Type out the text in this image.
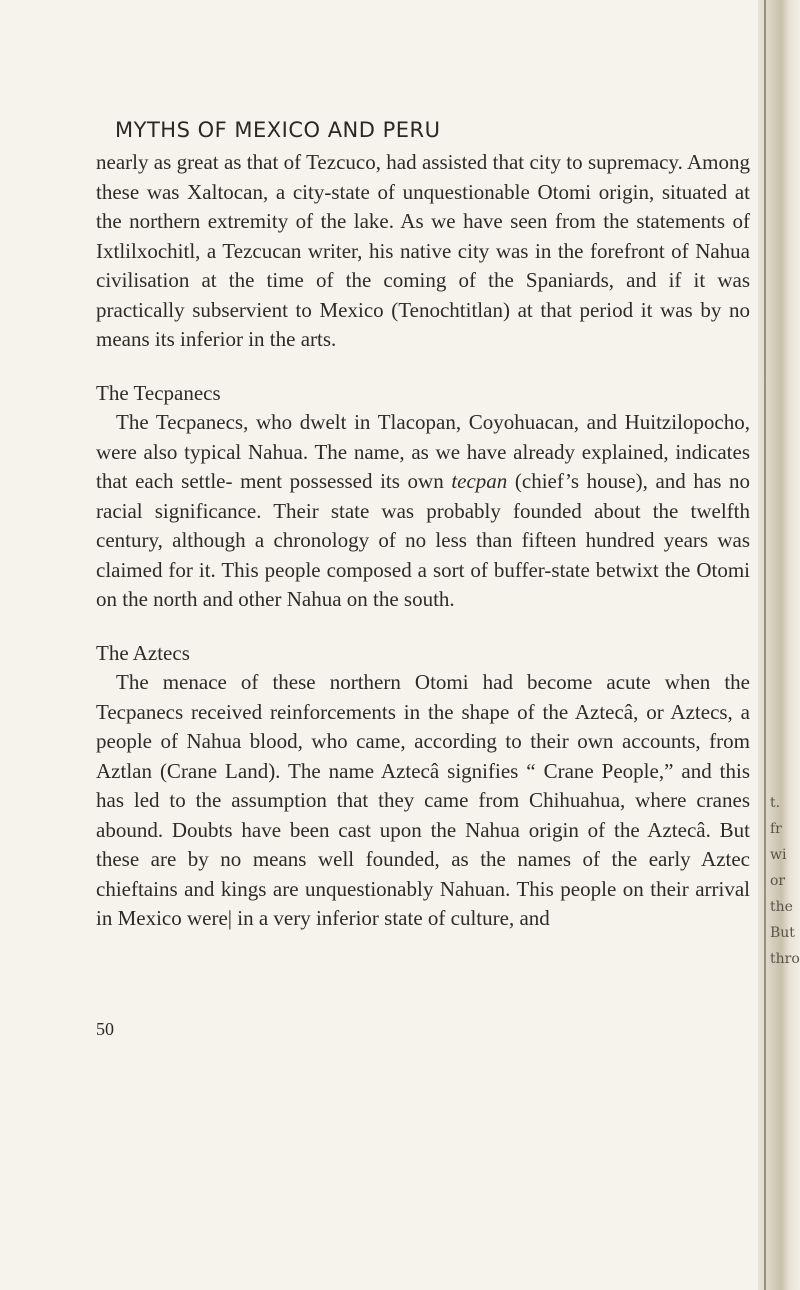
t.
fr
wi
or
the
But
thro
MYTHS OF MEXICO AND PERU

nearly as great as that of Tezcuco, had assisted that city to supremacy. Among these was Xaltocan, a city-state of unquestionable Otomi origin, situated at the northern extremity of the lake. As we have seen from the statements of Ixtlilxochitl, a Tezcucan writer, his native city was in the forefront of Nahua civilisation at the time of the coming of the Spaniards, and if it was practically subservient to Mexico (Tenochtitlan) at that period it was by no means its inferior in the arts.

The Tecpanecs

The Tecpanecs, who dwelt in Tlacopan, Coyohuacan, and Huitzilopocho, were also typical Nahua. The name, as we have already explained, indicates that each settle- ment possessed its own tecpan (chief’s house), and has no racial significance. Their state was probably founded about the twelfth century, although a chronology of no less than fifteen hundred years was claimed for it. This people composed a sort of buffer-state betwixt the Otomi on the north and other Nahua on the south.

The Aztecs

The menace of these northern Otomi had become acute when the Tecpanecs received reinforcements in the shape of the Aztecâ, or Aztecs, a people of Nahua blood, who came, according to their own accounts, from Aztlan (Crane Land). The name Aztecâ signifies “ Crane People,” and this has led to the assumption that they came from Chihuahua, where cranes abound. Doubts have been cast upon the Nahua origin of the Aztecâ. But these are by no means well founded, as the names of the early Aztec chieftains and kings are unquestionably Nahuan. This people on their arrival in Mexico were| in a very inferior state of culture, and

50
